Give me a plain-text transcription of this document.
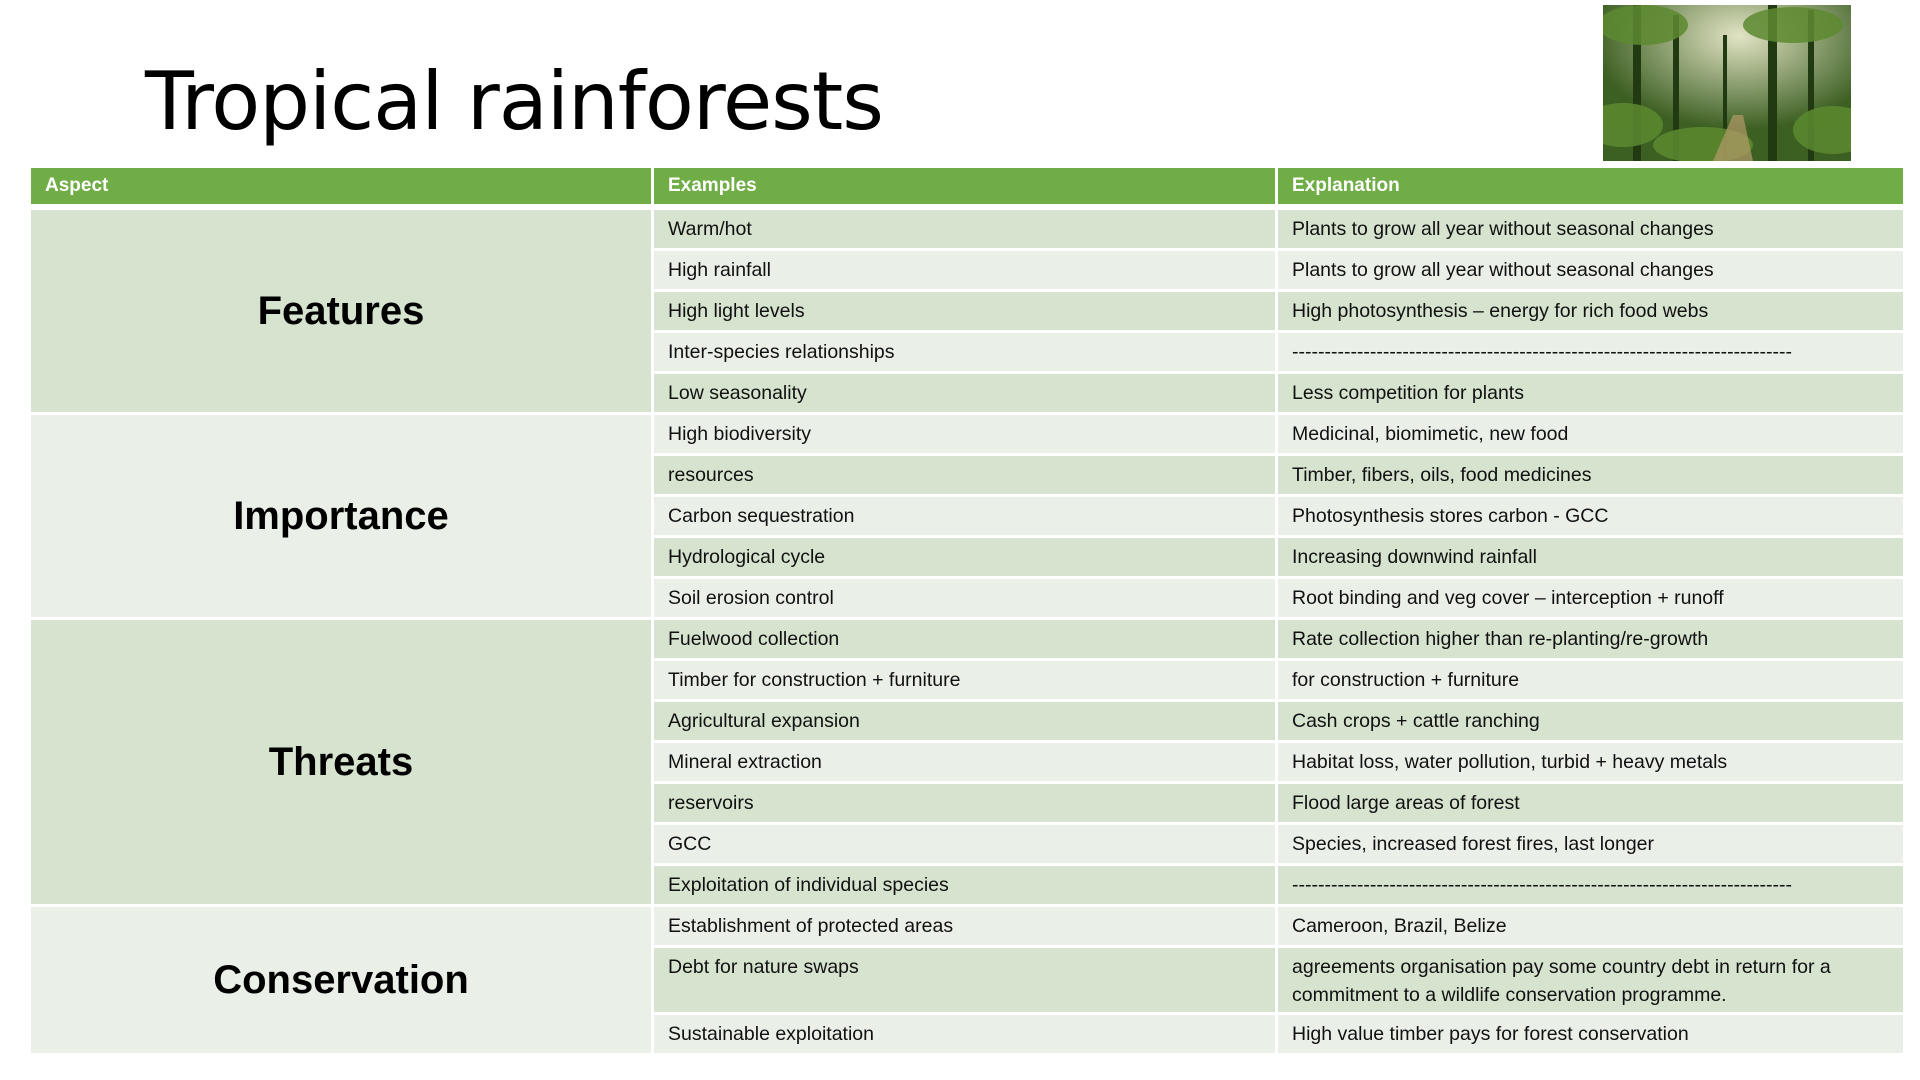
Tropical rainforests
Aspect	Examples	Explanation
Features
Warm/hot	Plants to grow all year without seasonal changes
High rainfall	Plants to grow all year without seasonal changes
High light levels	High photosynthesis – energy for rich food webs
Inter-species relationships	-----------------------------------------------------------------------------
Low seasonality	Less competition for plants
Importance
High biodiversity	Medicinal, biomimetic, new food
resources	Timber, fibers, oils, food medicines
Carbon sequestration	Photosynthesis stores carbon - GCC
Hydrological cycle	Increasing downwind rainfall
Soil erosion control	Root binding and veg cover – interception + runoff
Threats
Fuelwood collection	Rate collection higher than re-planting/re-growth
Timber for construction + furniture	for construction + furniture
Agricultural expansion	Cash crops + cattle ranching
Mineral extraction	Habitat loss, water pollution, turbid + heavy metals
reservoirs	Flood large areas of forest
GCC	Species, increased forest fires, last longer
Exploitation of individual species	-----------------------------------------------------------------------------
Conservation
Establishment of protected areas	Cameroon, Brazil, Belize
Debt for nature swaps	agreements organisation pay some country debt in return for a commitment to a wildlife conservation programme.
Sustainable exploitation	High value timber pays for forest conservation
